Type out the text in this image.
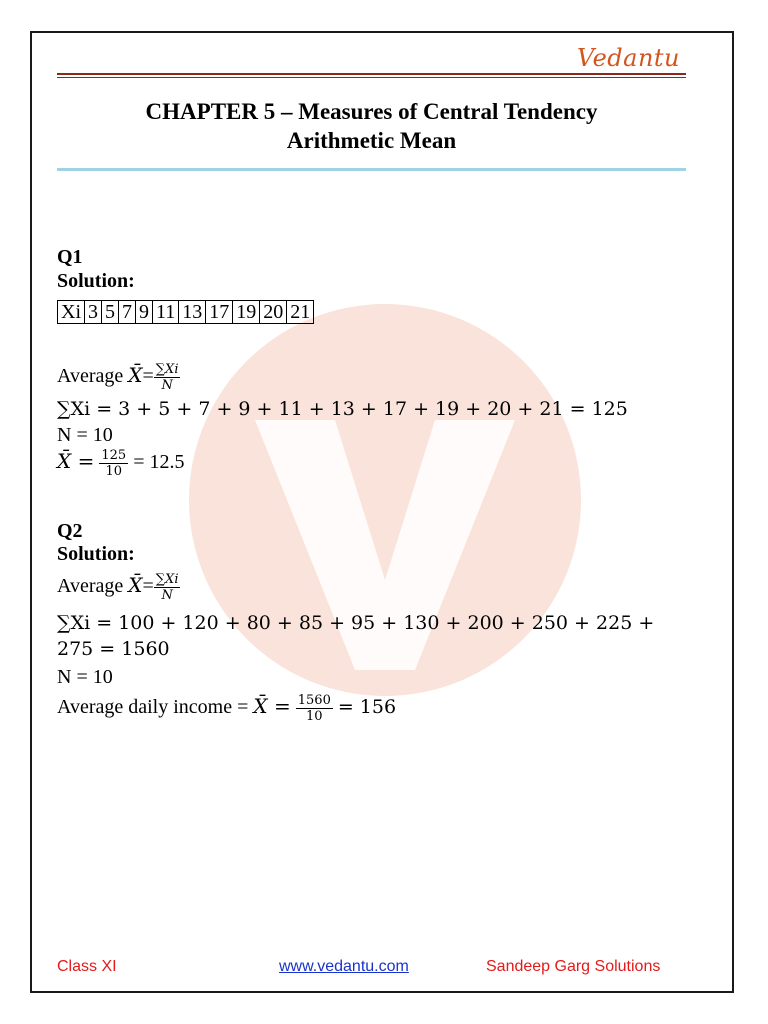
Vedantu
CHAPTER 5 – Measures of Central Tendency
Arithmetic Mean
Q1
Solution:
Xi	3	5	7	9	11	13	17	19	20	21
Average X̄= $\frac{\sum Xi}{N}$
∑Xi = 3 + 5 + 7 + 9 + 11 + 13 + 17 + 19 + 20 + 21 = 125
N = 10
X̄ = $\frac{125}{10} = 12.5$
Q2
Solution:
Average X̄= $\frac{\sum Xi}{N}$
∑Xi = 100 + 120 + 80 + 85 + 95 + 130 + 200 + 250 + 225 +
275 = 1560
N = 10
Average daily income = X̄ = $\frac{1560}{10} = 156$
Class XI	www.vedantu.com	Sandeep Garg Solutions
